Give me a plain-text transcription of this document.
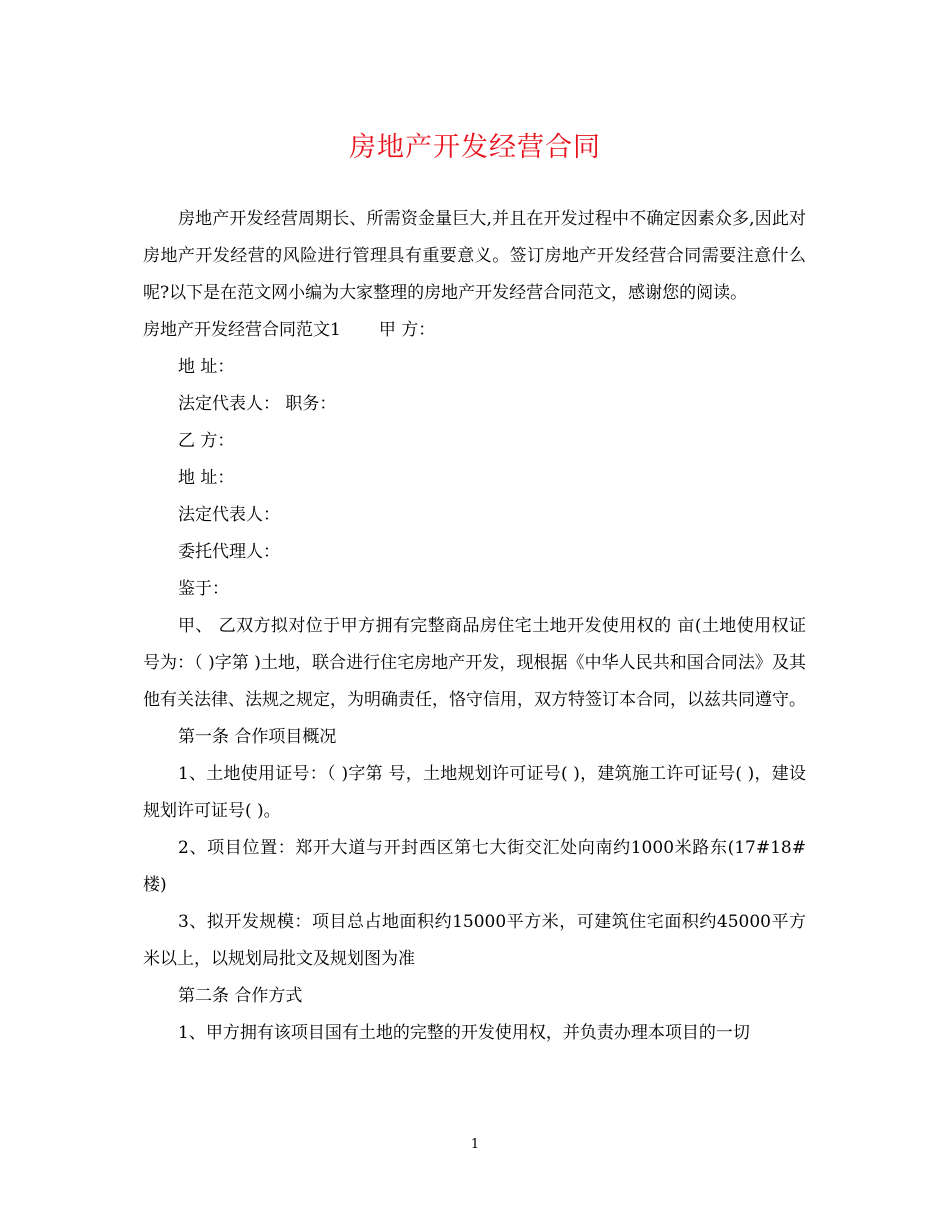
房地产开发经营合同

房地产开发经营周期长、所需资金量巨大,并且在开发过程中不确定因素众多,因此对房地产开发经营的风险进行管理具有重要意义。签订房地产开发经营合同需要注意什么呢?以下是在范文网小编为大家整理的房地产开发经营合同范文，感谢您的阅读。

房地产开发经营合同范文1 甲 方：

地 址：

法定代表人： 职务：

乙 方：

地 址：

法定代表人：

委托代理人：

鉴于：

甲、 乙双方拟对位于甲方拥有完整商品房住宅土地开发使用权的 亩(土地使用权证号为：（ )字第 )土地，联合进行住宅房地产开发，现根据《中华人民共和国合同法》及其他有关法律、法规之规定，为明确责任，恪守信用，双方特签订本合同，以兹共同遵守。

第一条 合作项目概况

1、土地使用证号：（ )字第 号，土地规划许可证号( )，建筑施工许可证号( )，建设规划许可证号( )。

2、项目位置：郑开大道与开封西区第七大街交汇处向南约1000米路东(17#18#楼)

3、拟开发规模：项目总占地面积约15000平方米，可建筑住宅面积约45000平方米以上，以规划局批文及规划图为准

第二条 合作方式

1、甲方拥有该项目国有土地的完整的开发使用权，并负责办理本项目的一切

1
